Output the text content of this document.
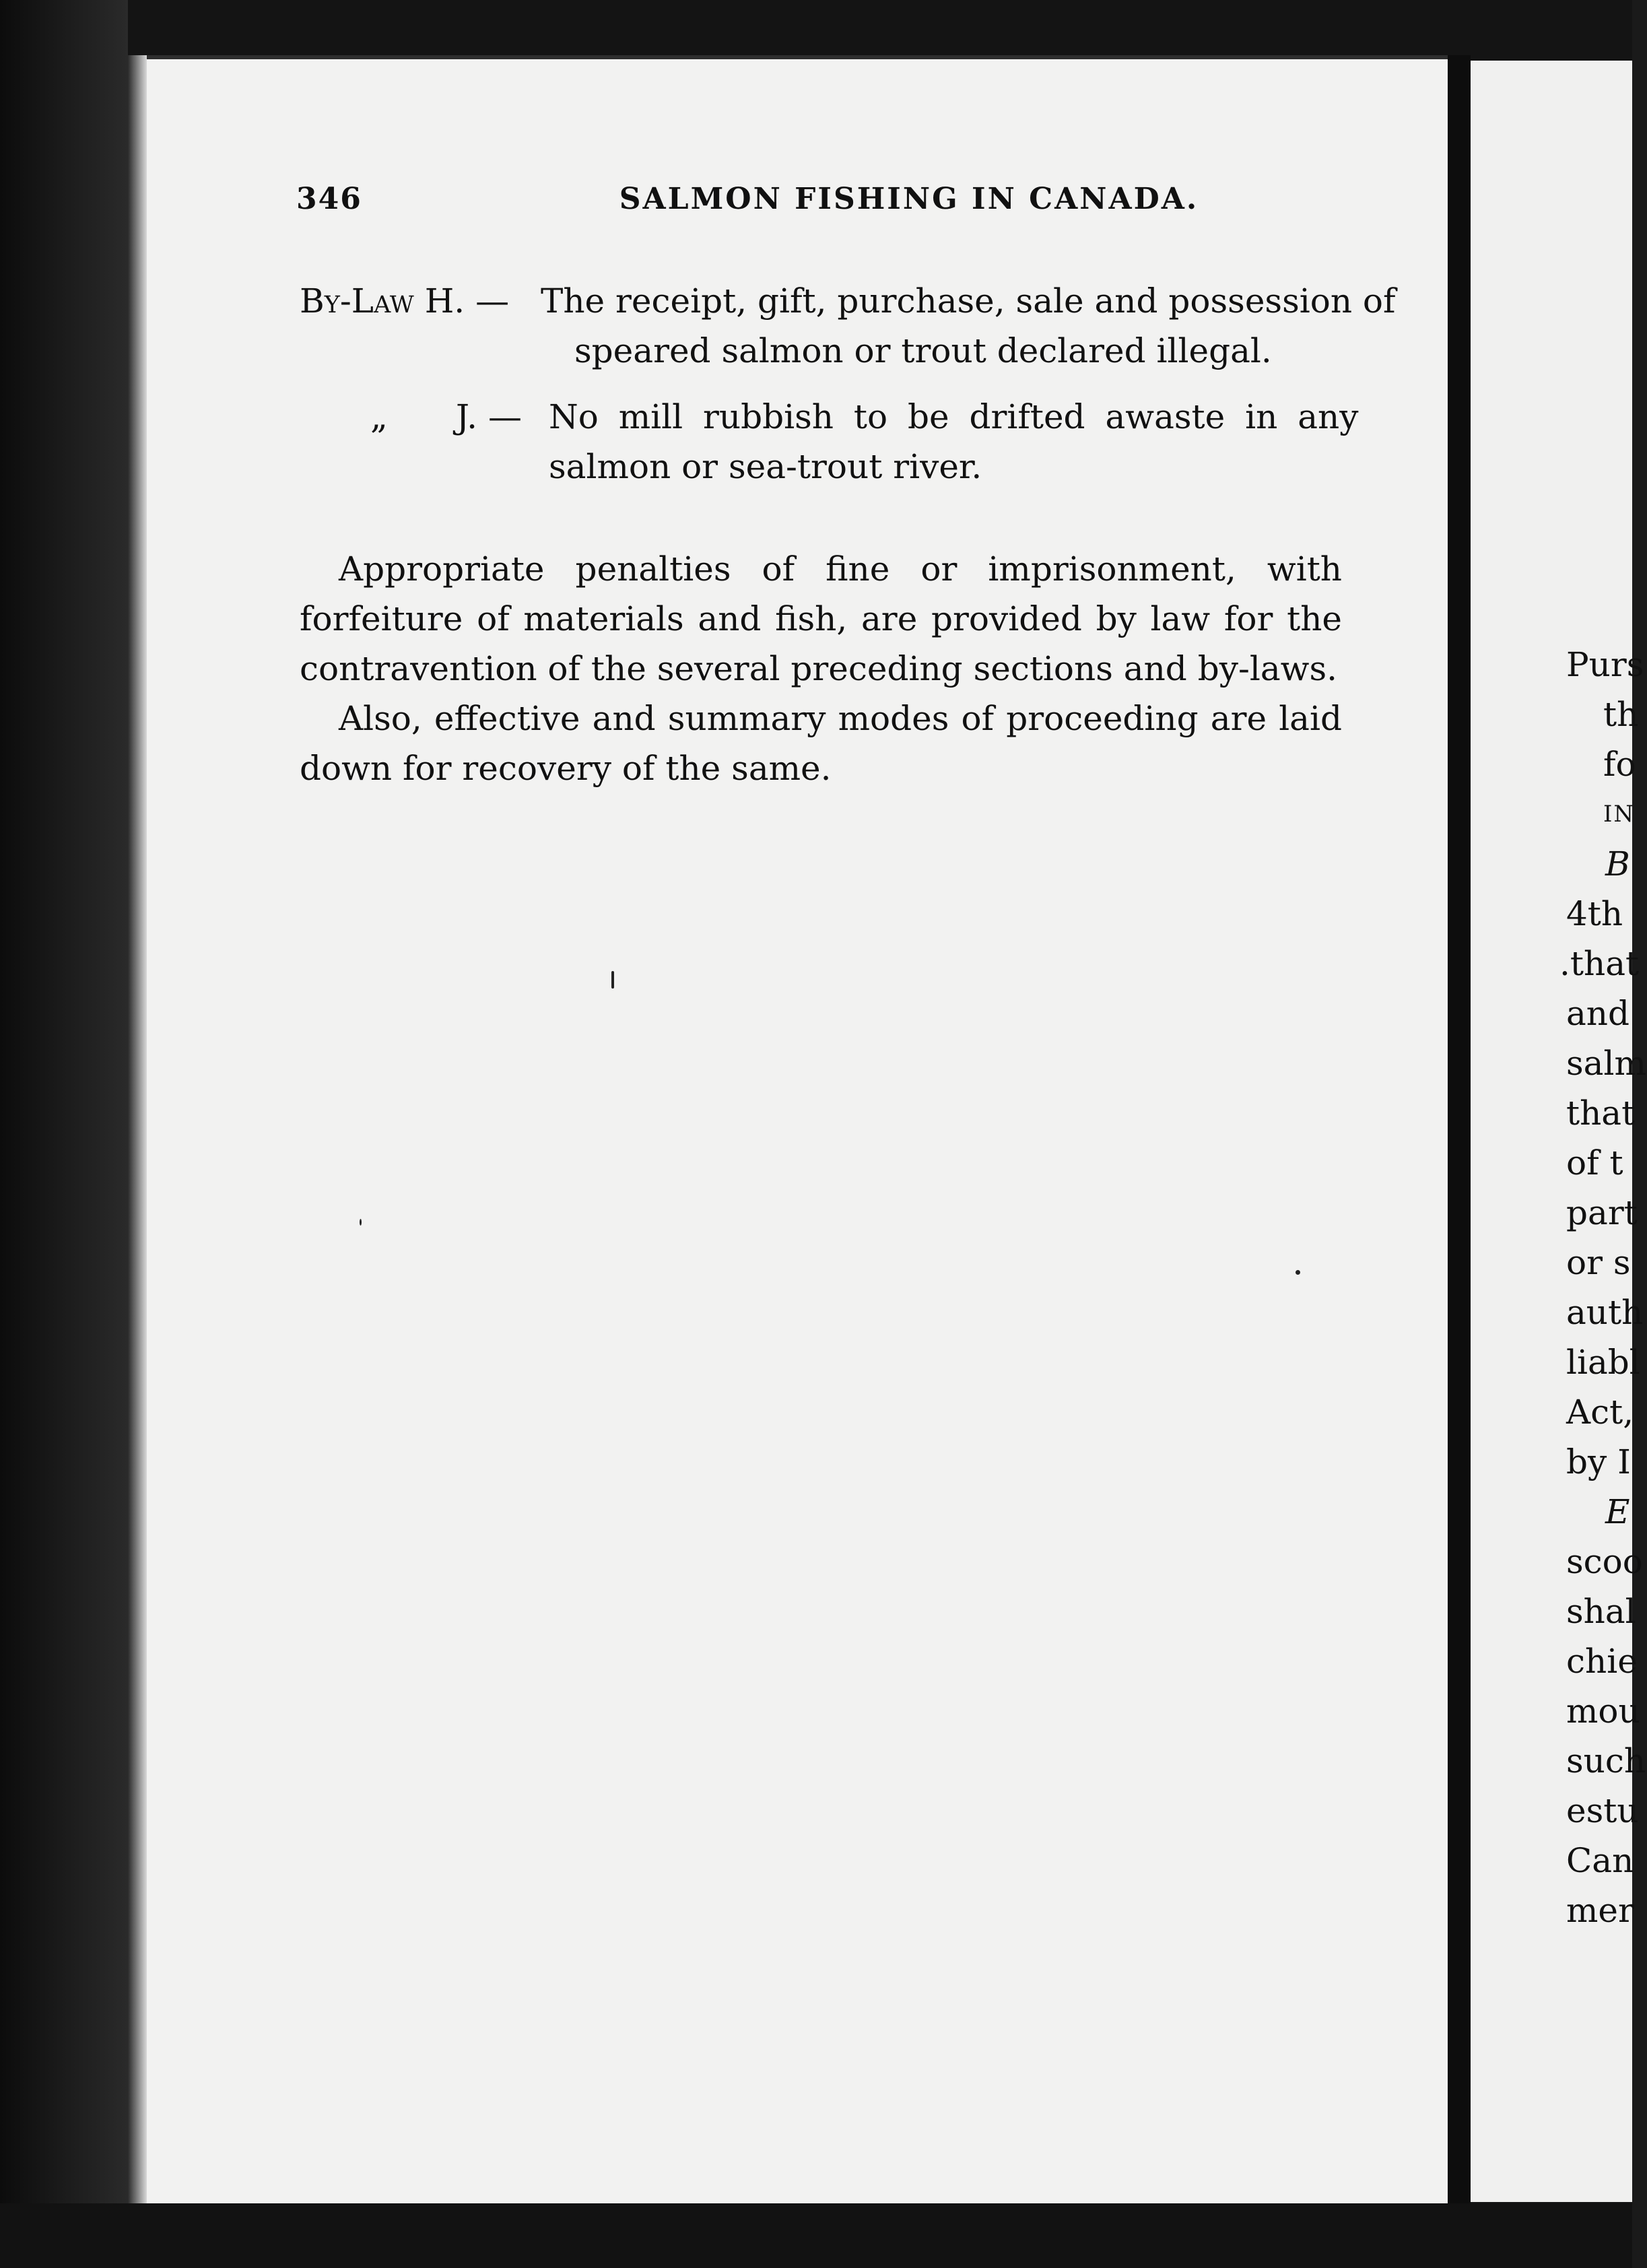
346	SALMON FISHING IN CANADA.
By-Law H. — The receipt, gift, purchase, sale and possession of
speared salmon or trout declared illegal.
„ J. — No mill rubbish to be drifted awaste in any
salmon or sea-trout river.

Appropriate penalties of fine or imprisonment, with forfeiture of materials and fish, are provided by law for the contravention of the several preceding sections and by-laws.

Also, effective and summary modes of proceeding are laid down for recovery of the same.

Purs
th
fo
IN
B
4th
.that
and
salm
that
of t
part
or s
auth
liabl
Act,
by I
E
scoo
shal
chie
mou
such
estu
Can
mer
